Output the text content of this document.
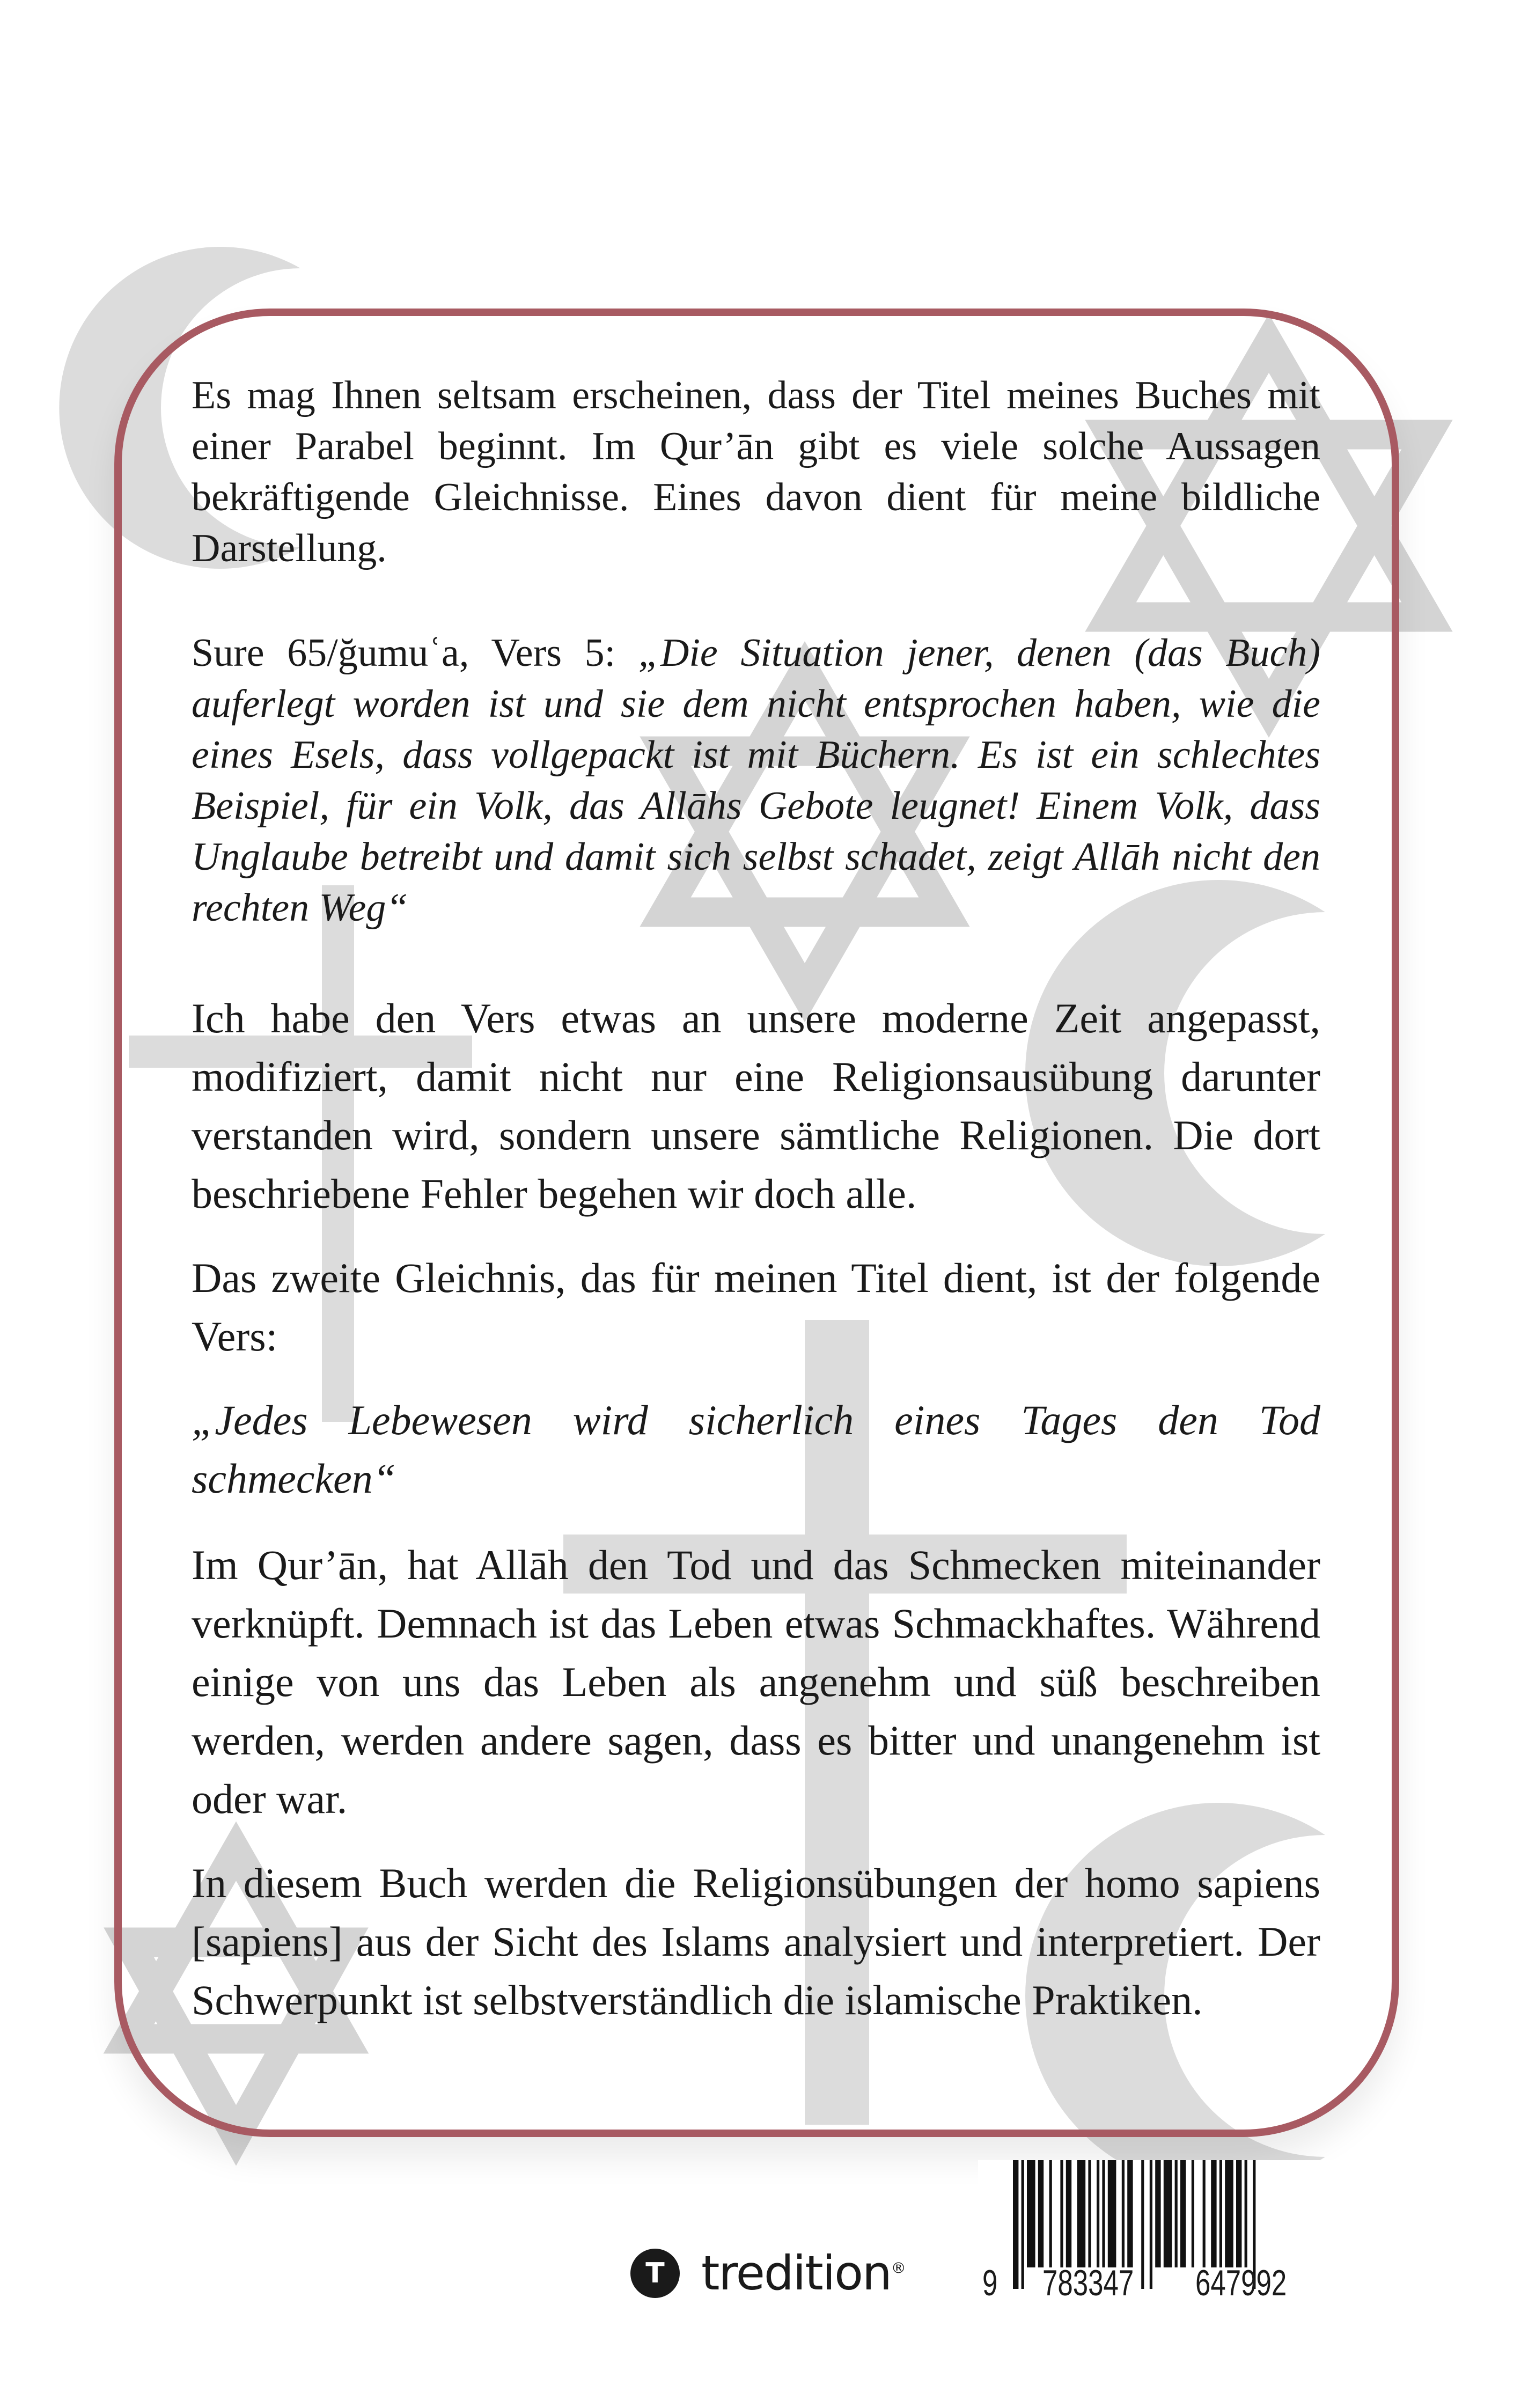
Es mag Ihnen seltsam erscheinen, dass der Titel meines Buches mit einer Parabel beginnt. Im Qur’ān gibt es viele solche Aussagen bekräftigende Gleichnisse. Eines davon dient für meine bildliche Darstellung.

Sure 65/ğumuʿa, Vers 5: „Die Situation jener, denen (das Buch) auferlegt worden ist und sie dem nicht entsprochen haben, wie die eines Esels, dass vollgepackt ist mit Büchern. Es ist ein schlechtes Beispiel, für ein Volk, das Allāhs Gebote leugnet! Einem Volk, dass Unglaube betreibt und damit sich selbst schadet, zeigt Allāh nicht den rechten Weg“

Ich habe den Vers etwas an unsere moderne Zeit angepasst, modifiziert, damit nicht nur eine Religionsausübung darunter verstanden wird, sondern unsere sämtliche Religionen. Die dort beschriebene Fehler begehen wir doch alle.

Das zweite Gleichnis, das für meinen Titel dient, ist der folgende Vers:

„Jedes Lebewesen wird sicherlich eines Tages den Tod schmecken“

Im Qur’ān, hat Allāh den Tod und das Schmecken miteinander verknüpft. Demnach ist das Leben etwas Schmackhaftes. Während einige von uns das Leben als angenehm und süß beschreiben werden, werden andere sagen, dass es bitter und unangenehm ist oder war.

In diesem Buch werden die Religionsübungen der homo sapiens [sapiens] aus der Sicht des Islams analysiert und interpretiert. Der Schwerpunkt ist selbstverständlich die islamische Praktiken.

T tredition® 9 783347 647992
